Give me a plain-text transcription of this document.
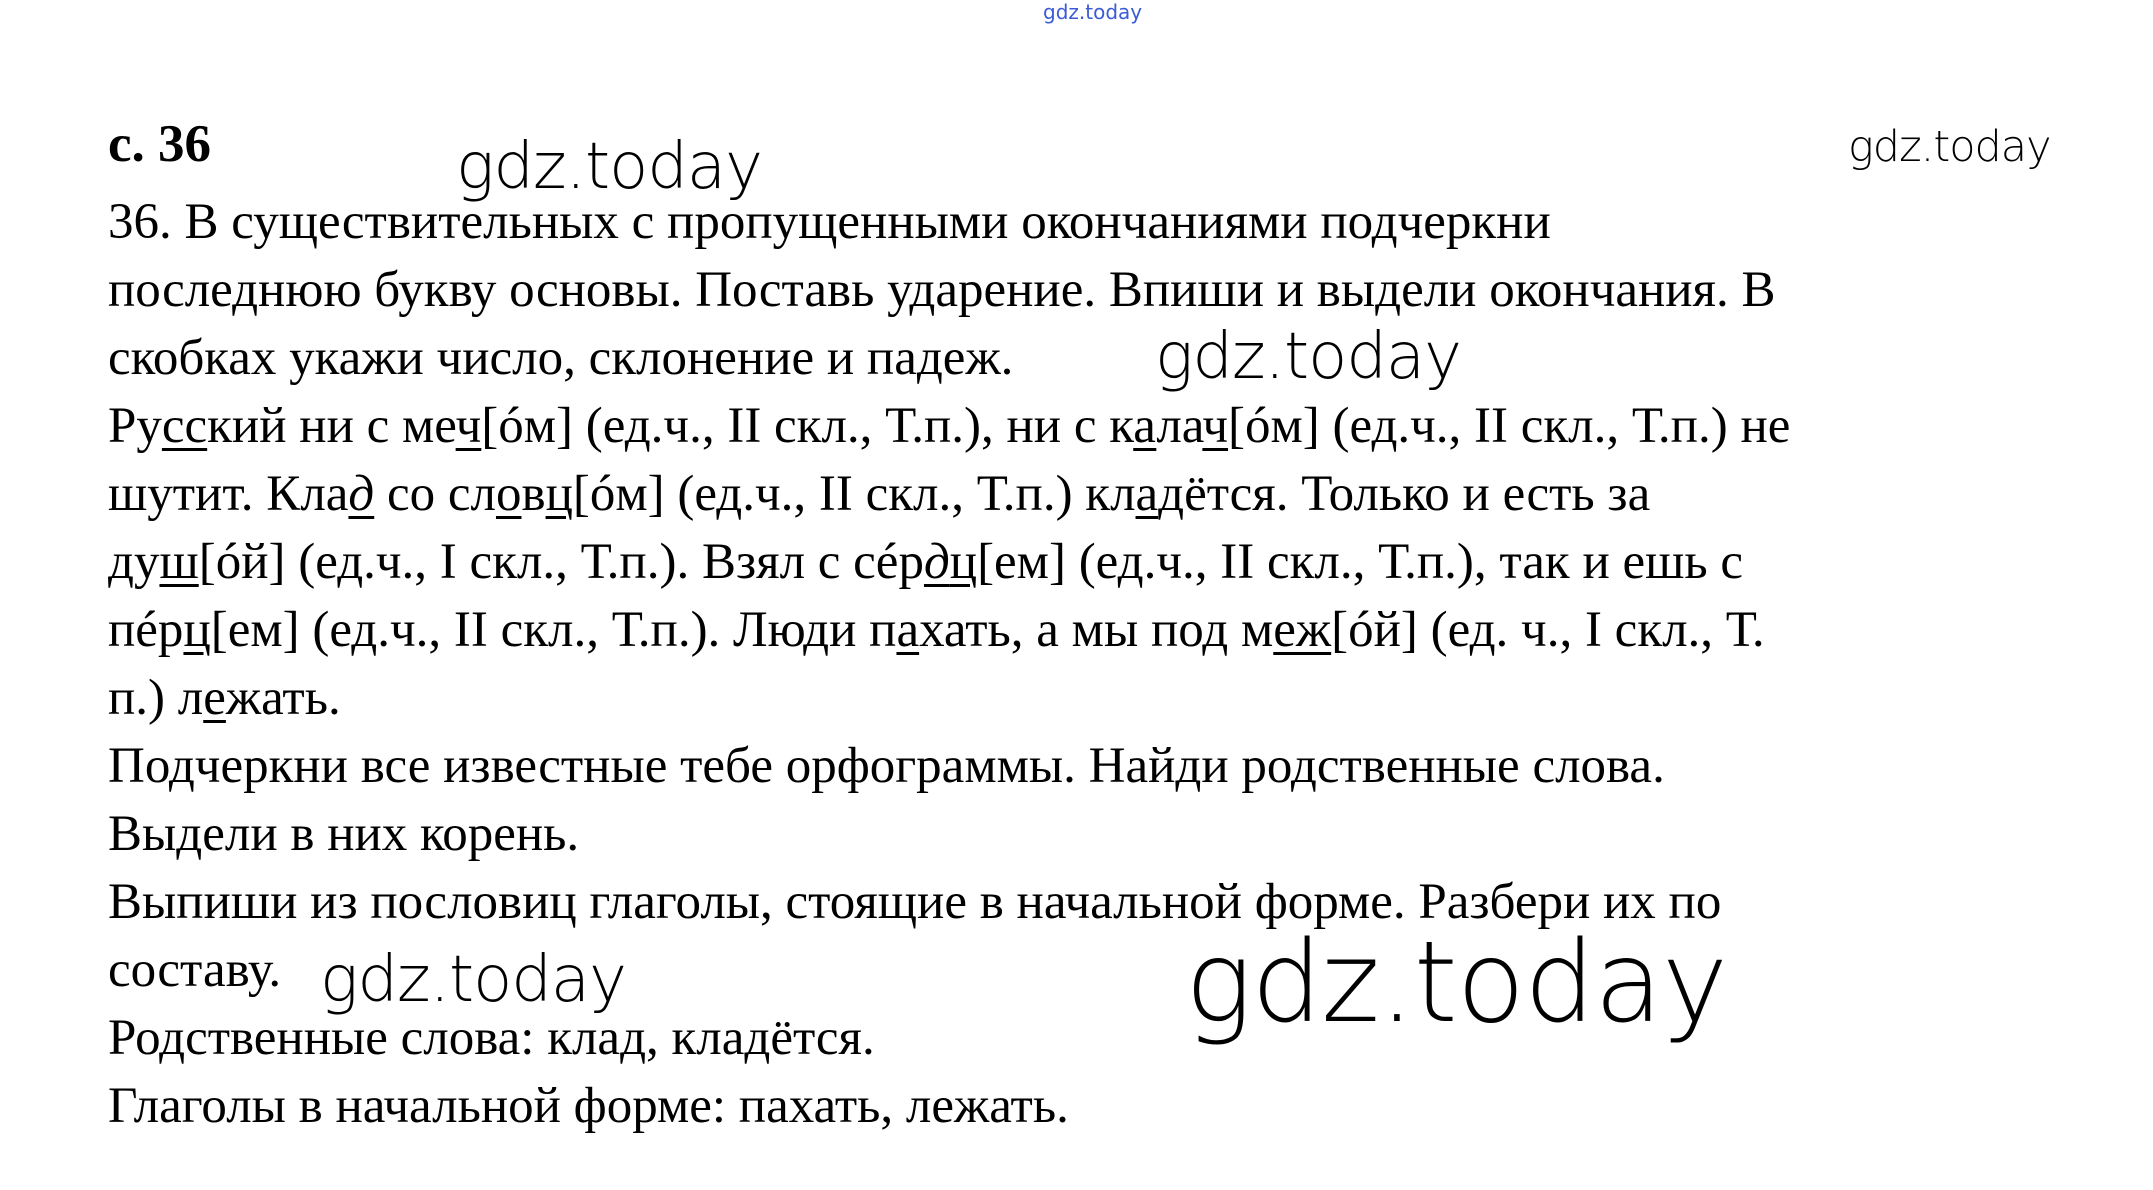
gdz.today
gdz.today	gdz.today
gdz.today
gdz.today	gdz.today
с. 36
36. В существительных с пропущенными окончаниями подчеркни
последнюю букву основы. Поставь ударение. Впиши и выдели окончания. В
скобках укажи число, склонение и падеж.
Русский ни с меч[óм] (ед.ч., II скл., Т.п.), ни с калач[óм] (ед.ч., II скл., Т.п.) не
шутит. Клад со словц[óм] (ед.ч., II скл., Т.п.) кладётся. Только и есть за
душ[óй] (ед.ч., I скл., Т.п.). Взял с сéрдц[ем] (ед.ч., II скл., Т.п.), так и ешь с
пéрц[ем] (ед.ч., II скл., Т.п.). Люди пахать, а мы под меж[óй] (ед. ч., I скл., Т.
п.) лежать.
Подчеркни все известные тебе орфограммы. Найди родственные слова.
Выдели в них корень.
Выпиши из пословиц глаголы, стоящие в начальной форме. Разбери их по
составу.
Родственные слова: клад, кладётся.
Глаголы в начальной форме: пахать, лежать.
